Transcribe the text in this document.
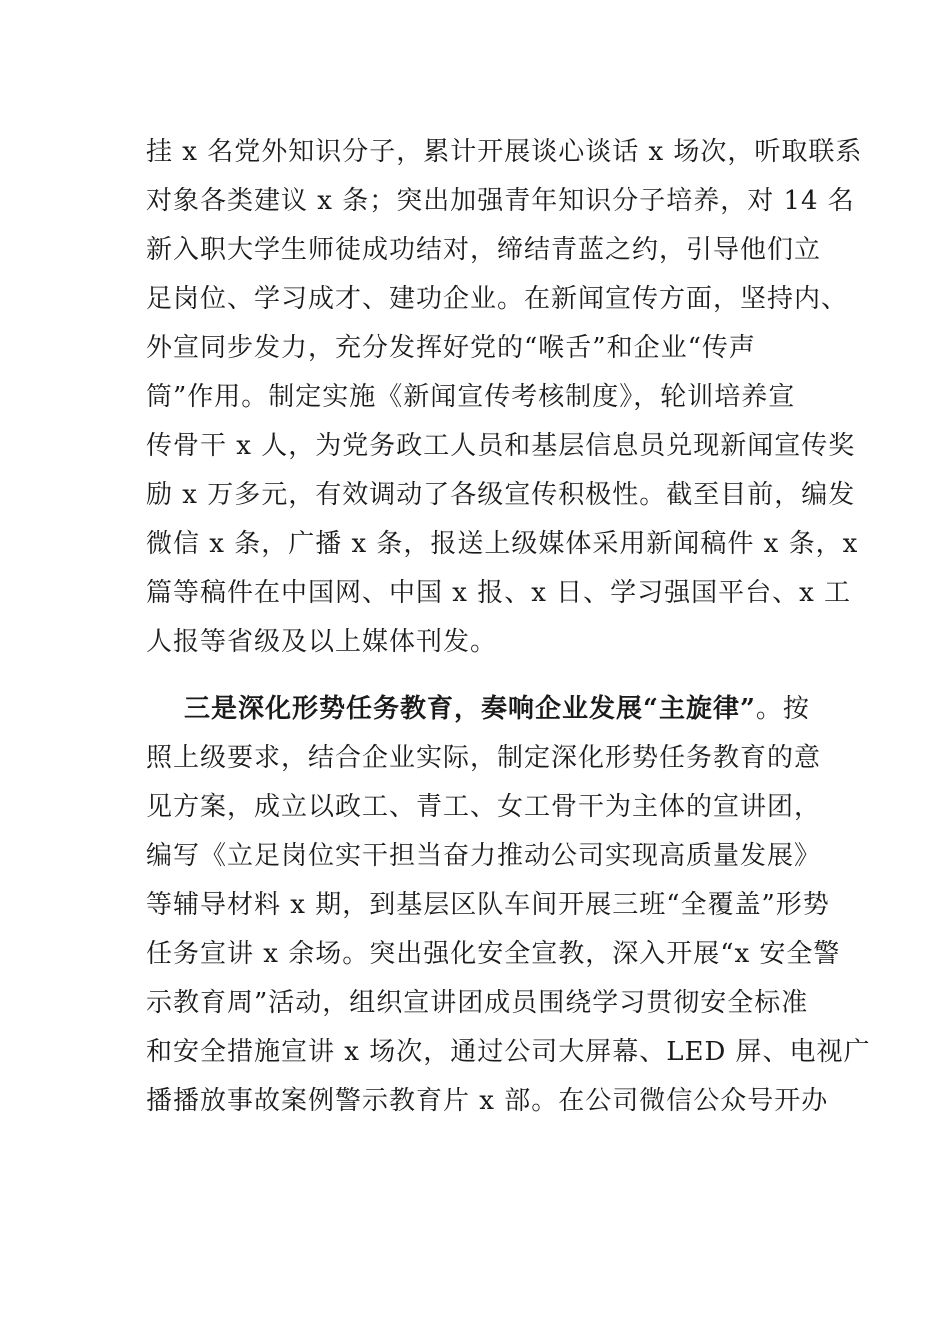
挂 x 名党外知识分子，累计开展谈心谈话 x 场次，听取联系
对象各类建议 x 条；突出加强青年知识分子培养，对 14 名
新入职大学生师徒成功结对，缔结青蓝之约，引导他们立
足岗位、学习成才、建功企业。在新闻宣传方面，坚持内、
外宣同步发力，充分发挥好党的“喉舌”和企业“传声
筒”作用。制定实施《新闻宣传考核制度》，轮训培养宣
传骨干 x 人，为党务政工人员和基层信息员兑现新闻宣传奖
励 x 万多元，有效调动了各级宣传积极性。截至目前，编发
微信 x 条，广播 x 条，报送上级媒体采用新闻稿件 x 条，x
篇等稿件在中国网、中国 x 报、x 日、学习强国平台、x 工
人报等省级及以上媒体刊发。
三是深化形势任务教育，奏响企业发展“主旋律”。按
照上级要求，结合企业实际，制定深化形势任务教育的意
见方案，成立以政工、青工、女工骨干为主体的宣讲团，
编写《立足岗位实干担当奋力推动公司实现高质量发展》
等辅导材料 x 期，到基层区队车间开展三班“全覆盖”形势
任务宣讲 x 余场。突出强化安全宣教，深入开展“x 安全警
示教育周”活动，组织宣讲团成员围绕学习贯彻安全标准
和安全措施宣讲 x 场次，通过公司大屏幕、LED 屏、电视广
播播放事故案例警示教育片 x 部。在公司微信公众号开办
